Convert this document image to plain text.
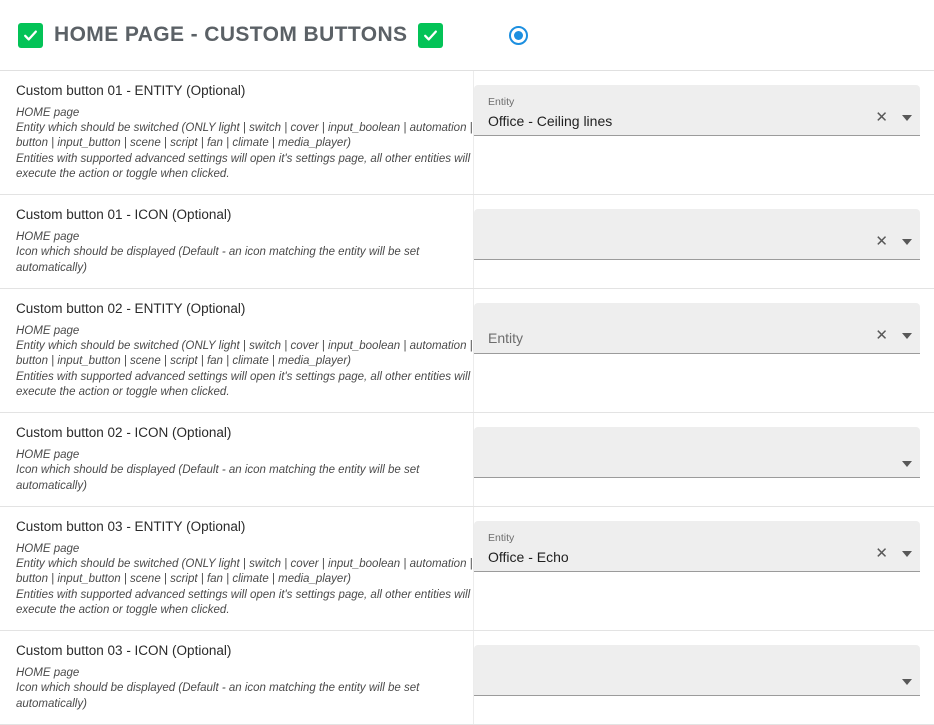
HOME PAGE - CUSTOM BUTTONS
Custom button 01 - ENTITY (Optional)
HOME page
Entity which should be switched (ONLY light | switch | cover | input_boolean | automation |
button | input_button | scene | script | fan | climate | media_player)
Entities with supported advanced settings will open it's settings page, all other entities will
execute the action or toggle when clicked.
Entity
Office - Ceiling lines	✕
Custom button 01 - ICON (Optional)
HOME page
Icon which should be displayed (Default - an icon matching the entity will be set
automatically)
✕
Custom button 02 - ENTITY (Optional)
HOME page
Entity which should be switched (ONLY light | switch | cover | input_boolean | automation |
button | input_button | scene | script | fan | climate | media_player)
Entities with supported advanced settings will open it's settings page, all other entities will
execute the action or toggle when clicked.
Entity	✕
Custom button 02 - ICON (Optional)
HOME page
Icon which should be displayed (Default - an icon matching the entity will be set
automatically)
Custom button 03 - ENTITY (Optional)
HOME page
Entity which should be switched (ONLY light | switch | cover | input_boolean | automation |
button | input_button | scene | script | fan | climate | media_player)
Entities with supported advanced settings will open it's settings page, all other entities will
execute the action or toggle when clicked.
Entity
Office - Echo	✕
Custom button 03 - ICON (Optional)
HOME page
Icon which should be displayed (Default - an icon matching the entity will be set
automatically)
